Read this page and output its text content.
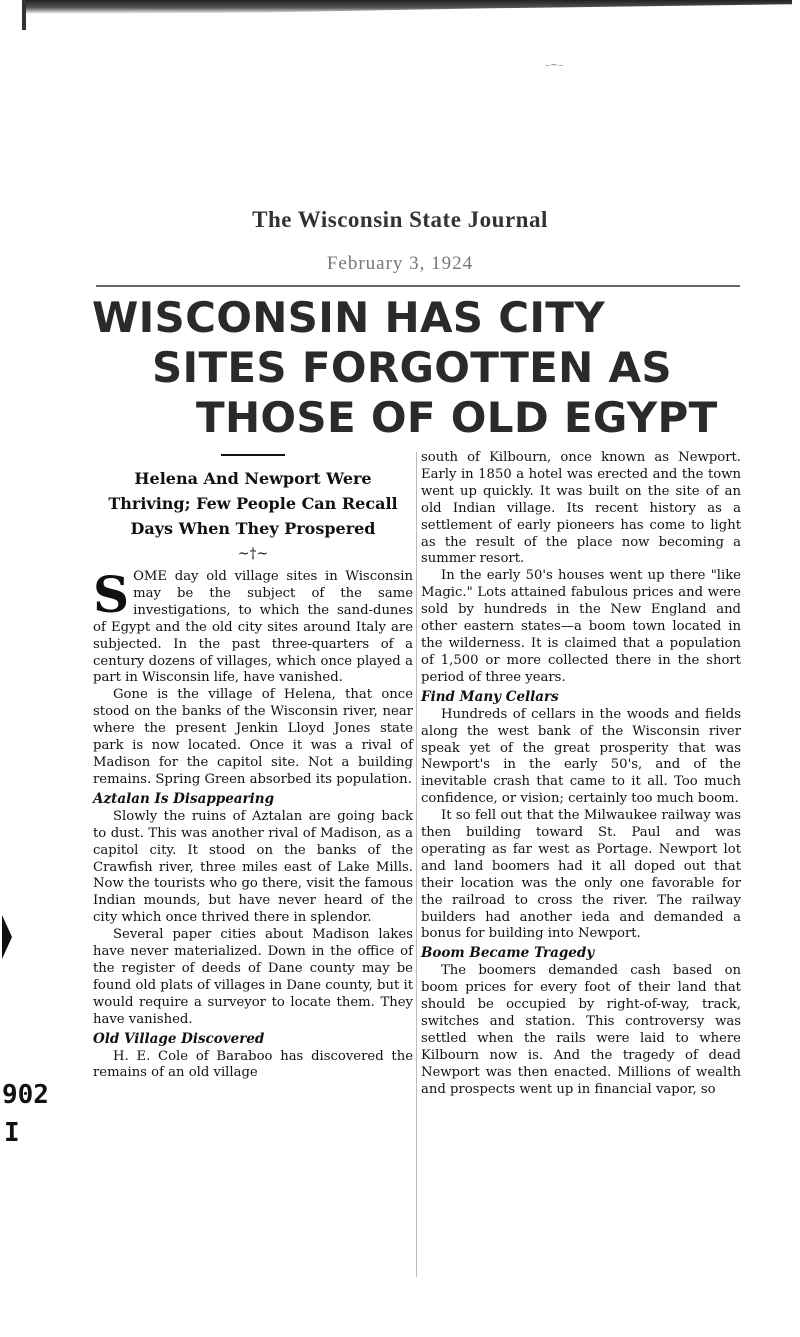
–~–
The Wisconsin State Journal
February 3, 1924
WISCONSIN HAS CITY
SITES FORGOTTEN AS
THOSE OF OLD EGYPT
Helena And Newport Were Thriving; Few People Can Recall Days When They Prospered
~†~

SOME day old village sites in Wisconsin may be the subject of the same investigations, to which the sand-dunes of Egypt and the old city sites around Italy are subjected. In the past three-quarters of a century dozens of villages, which once played a part in Wisconsin life, have vanished.

Gone is the village of Helena, that once stood on the banks of the Wisconsin river, near where the present Jenkin Lloyd Jones state park is now located. Once it was a rival of Madison for the capitol site. Not a building remains. Spring Green absorbed its population.

Aztalan Is Disappearing

Slowly the ruins of Aztalan are going back to dust. This was another rival of Madison, as a capitol city. It stood on the banks of the Crawfish river, three miles east of Lake Mills. Now the tourists who go there, visit the famous Indian mounds, but have never heard of the city which once thrived there in splendor.

Several paper cities about Madison lakes have never materialized. Down in the office of the register of deeds of Dane county may be found old plats of villages in Dane county, but it would require a surveyor to locate them. They have vanished.

Old Village Discovered

H. E. Cole of Baraboo has discovered the remains of an old village

south of Kilbourn, once known as Newport. Early in 1850 a hotel was erected and the town went up quickly. It was built on the site of an old Indian village. Its recent history as a settlement of early pioneers has come to light as the result of the place now becoming a summer resort.

In the early 50's houses went up there "like Magic." Lots attained fabulous prices and were sold by hundreds in the New England and other eastern states—a boom town located in the wilderness. It is claimed that a population of 1,500 or more collected there in the short period of three years.

Find Many Cellars

Hundreds of cellars in the woods and fields along the west bank of the Wisconsin river speak yet of the great prosperity that was Newport's in the early 50's, and of the inevitable crash that came to it all. Too much confidence, or vision; certainly too much boom.

It so fell out that the Milwaukee railway was then building toward St. Paul and was operating as far west as Portage. Newport lot and land boomers had it all doped out that their location was the only one favorable for the railroad to cross the river. The railway builders had another ieda and demanded a bonus for building into Newport.

Boom Became Tragedy

The boomers demanded cash based on boom prices for every foot of their land that should be occupied by right-of-way, track, switches and station. This controversy was settled when the rails were laid to where Kilbourn now is. And the tragedy of dead Newport was then enacted. Millions of wealth and prospects went up in financial vapor, so

902
I
